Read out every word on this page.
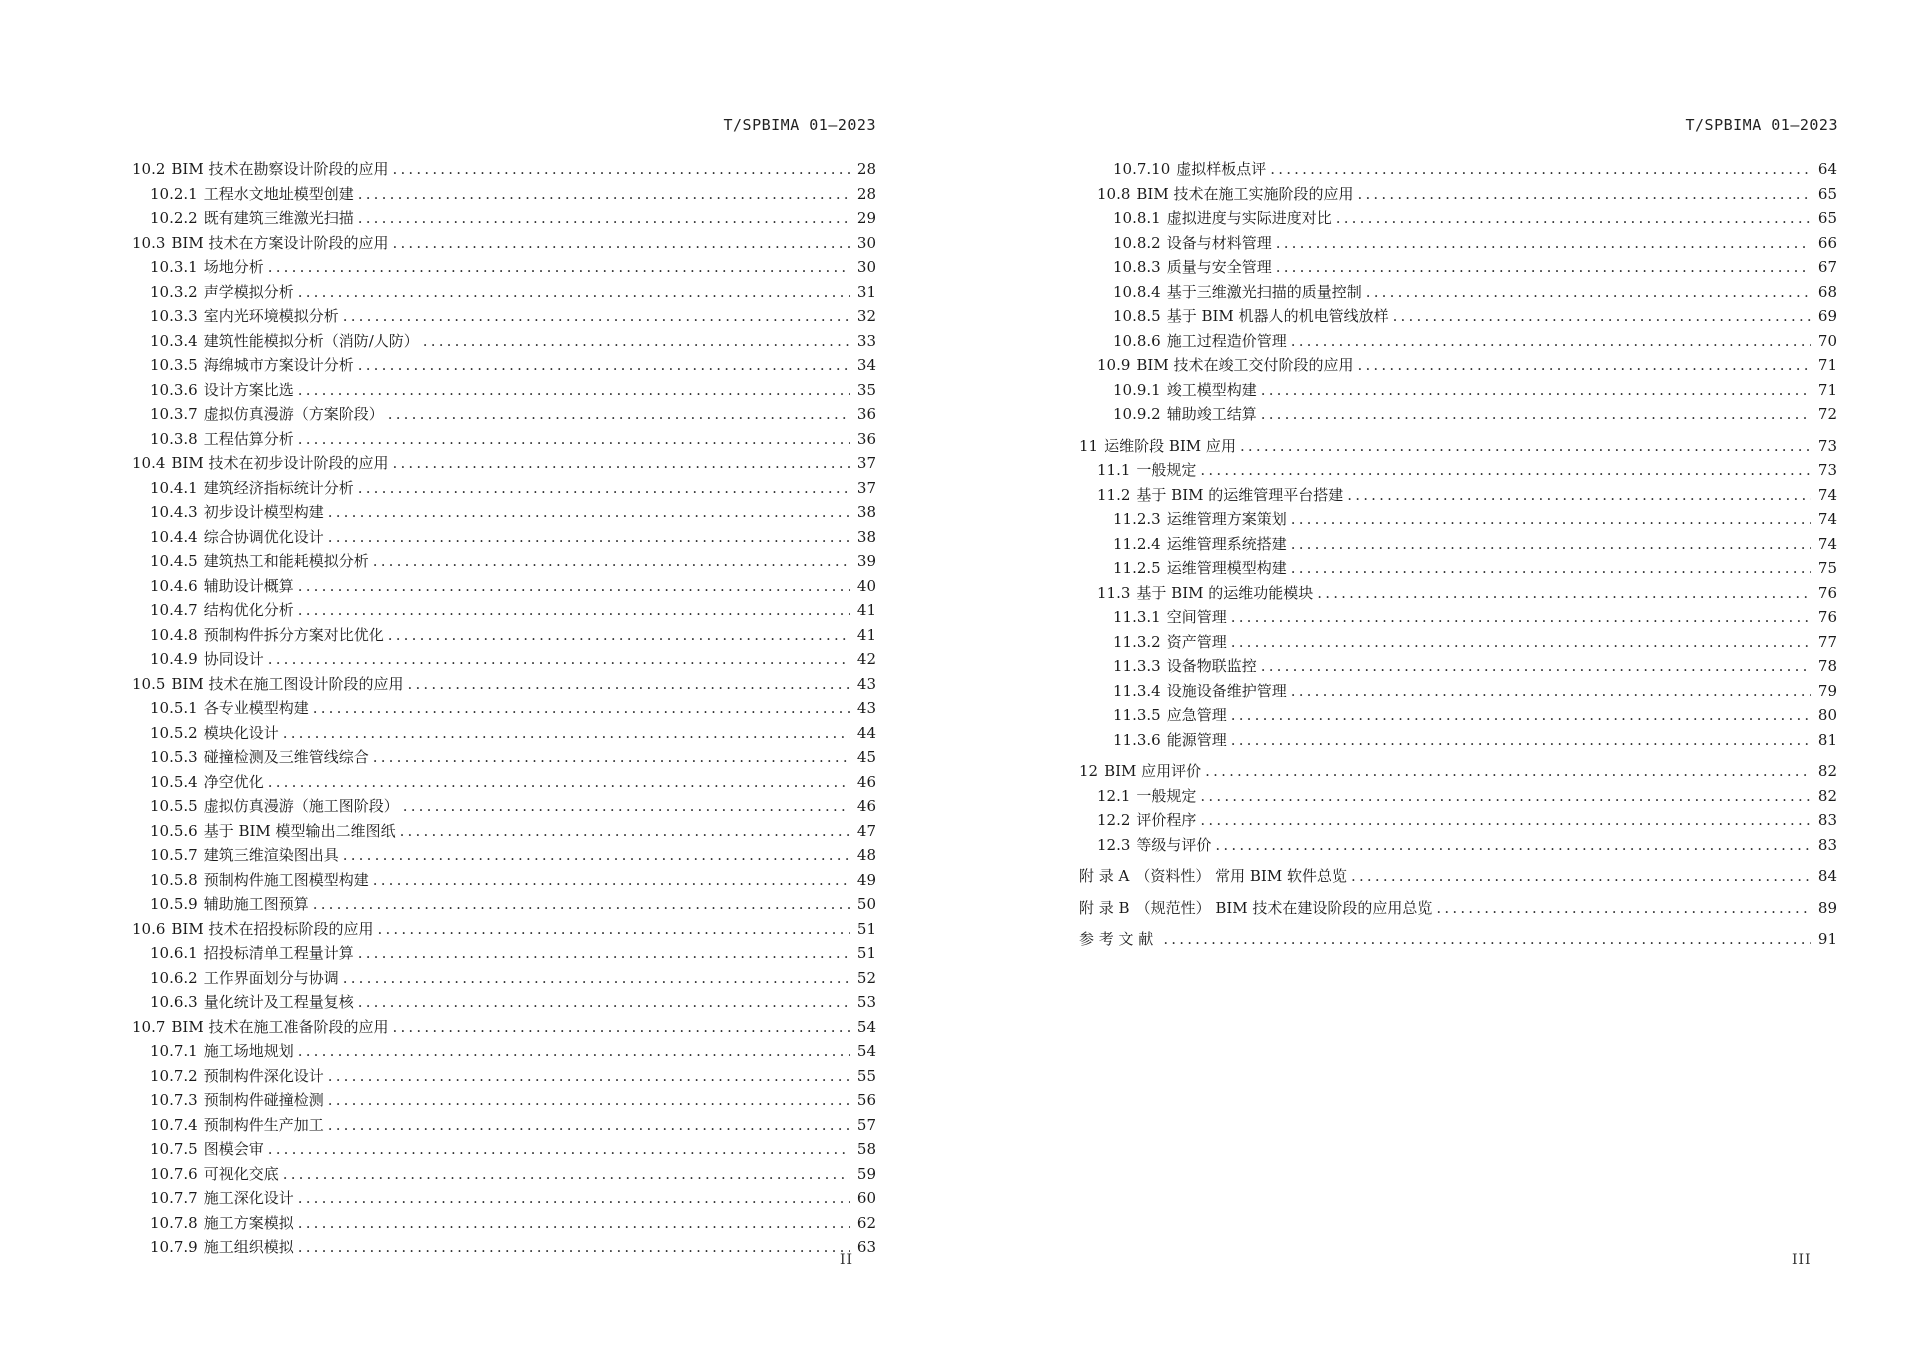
T/SPBIMA 01—2023
10.2 BIM 技术在勘察设计阶段的应用 .....	28
10.2.1 工程水文地址模型创建 .....	28
10.2.2 既有建筑三维激光扫描 .....	29
10.3 BIM 技术在方案设计阶段的应用 .....	30
10.3.1 场地分析 .....	30
10.3.2 声学模拟分析 .....	31
10.3.3 室内光环境模拟分析 .....	32
10.3.4 建筑性能模拟分析（消防/人防） .....	33
10.3.5 海绵城市方案设计分析 .....	34
10.3.6 设计方案比选 .....	35
10.3.7 虚拟仿真漫游（方案阶段） .....	36
10.3.8 工程估算分析 .....	36
10.4 BIM 技术在初步设计阶段的应用 .....	37
10.4.1 建筑经济指标统计分析 .....	37
10.4.3 初步设计模型构建 .....	38
10.4.4 综合协调优化设计 .....	38
10.4.5 建筑热工和能耗模拟分析 .....	39
10.4.6 辅助设计概算 .....	40
10.4.7 结构优化分析 .....	41
10.4.8 预制构件拆分方案对比优化 .....	41
10.4.9 协同设计 .....	42
10.5 BIM 技术在施工图设计阶段的应用 .....	43
10.5.1 各专业模型构建 .....	43
10.5.2 模块化设计 .....	44
10.5.3 碰撞检测及三维管线综合 .....	45
10.5.4 净空优化 .....	46
10.5.5 虚拟仿真漫游（施工图阶段） .....	46
10.5.6 基于 BIM 模型输出二维图纸 .....	47
10.5.7 建筑三维渲染图出具 .....	48
10.5.8 预制构件施工图模型构建 .....	49
10.5.9 辅助施工图预算 .....	50
10.6 BIM 技术在招投标阶段的应用 .....	51
10.6.1 招投标清单工程量计算 .....	51
10.6.2 工作界面划分与协调 .....	52
10.6.3 量化统计及工程量复核 .....	53
10.7 BIM 技术在施工准备阶段的应用 .....	54
10.7.1 施工场地规划 .....	54
10.7.2 预制构件深化设计 .....	55
10.7.3 预制构件碰撞检测 .....	56
10.7.4 预制构件生产加工 .....	57
10.7.5 图模会审 .....	58
10.7.6 可视化交底 .....	59
10.7.7 施工深化设计 .....	60
10.7.8 施工方案模拟 .....	62
10.7.9 施工组织模拟 .....	63
II
T/SPBIMA 01—2023
10.7.10 虚拟样板点评 .....	64
10.8 BIM 技术在施工实施阶段的应用 .....	65
10.8.1 虚拟进度与实际进度对比 .....	65
10.8.2 设备与材料管理 .....	66
10.8.3 质量与安全管理 .....	67
10.8.4 基于三维激光扫描的质量控制 .....	68
10.8.5 基于 BIM 机器人的机电管线放样 .....	69
10.8.6 施工过程造价管理 .....	70
10.9 BIM 技术在竣工交付阶段的应用 .....	71
10.9.1 竣工模型构建 .....	71
10.9.2 辅助竣工结算 .....	72
11 运维阶段 BIM 应用 .....	73
11.1 一般规定 .....	73
11.2 基于 BIM 的运维管理平台搭建 .....	74
11.2.3 运维管理方案策划 .....	74
11.2.4 运维管理系统搭建 .....	74
11.2.5 运维管理模型构建 .....	75
11.3 基于 BIM 的运维功能模块 .....	76
11.3.1 空间管理 .....	76
11.3.2 资产管理 .....	77
11.3.3 设备物联监控 .....	78
11.3.4 设施设备维护管理 .....	79
11.3.5 应急管理 .....	80
11.3.6 能源管理 .....	81
12 BIM 应用评价 .....	82
12.1 一般规定 .....	82
12.2 评价程序 .....	83
12.3 等级与评价 .....	83
附 录 A （资料性） 常用 BIM 软件总览 .....	84
附 录 B （规范性） BIM 技术在建设阶段的应用总览 .....	89
参 考 文 献 .....	91
III
